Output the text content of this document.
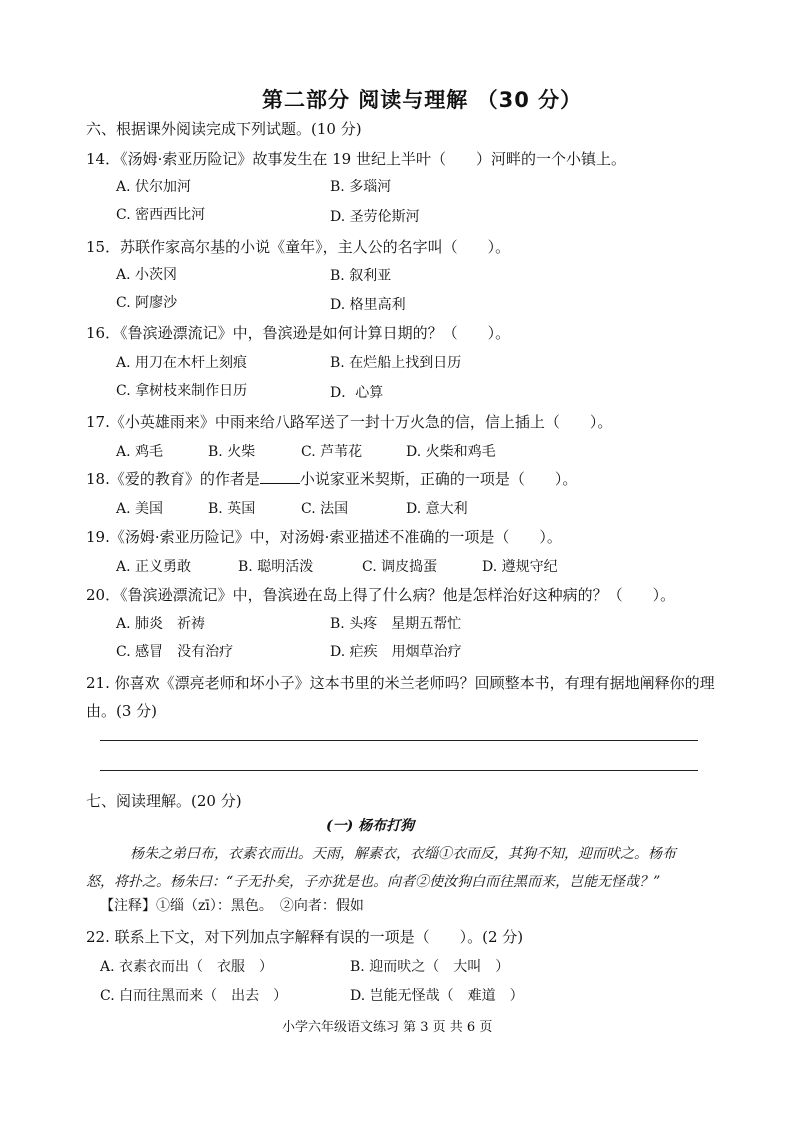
第二部分 阅读与理解 （30 分）
六、根据课外阅读完成下列试题。(10 分)
14．《汤姆·索亚历险记》故事发生在 19 世纪上半叶（　　）河畔的一个小镇上。
A. 伏尔加河	B. 多瑙河
C. 密西西比河	D. 圣劳伦斯河
15．苏联作家高尔基的小说《童年》，主人公的名字叫（　　）。
A. 小茨冈	B. 叙利亚
C. 阿廖沙	D. 格里高利
16．《鲁滨逊漂流记》中，鲁滨逊是如何计算日期的？（　　）。
A. 用刀在木杆上刻痕	B. 在烂船上找到日历
C. 拿树枝来制作日历	D．心算
17.《小英雄雨来》中雨来给八路军送了一封十万火急的信，信上插上（　　）。
A. 鸡毛	B. 火柴	C. 芦苇花	D. 火柴和鸡毛
18.《爱的教育》的作者是	小说家亚米契斯，正确的一项是（　　）。
A. 美国	B. 英国	C. 法国	D. 意大利
19.《汤姆·索亚历险记》中，对汤姆·索亚描述不准确的一项是（　　）。
A. 正义勇敢	B. 聪明活泼	C. 调皮捣蛋	D. 遵规守纪
20．《鲁滨逊漂流记》中，鲁滨逊在岛上得了什么病？他是怎样治好这种病的？（　　）。
A. 肺炎　祈祷	B. 头疼　星期五帮忙
C. 感冒　没有治疗	D. 疟疾　用烟草治疗
21. 你喜欢《漂亮老师和坏小子》这本书里的米兰老师吗？回顾整本书，有理有据地阐释你的理
由。(3 分)
七、阅读理解。(20 分)
(一) 杨布打狗
杨朱之弟曰布，衣素衣而出。天雨，解素衣，衣缁①衣而反，其狗不知，迎而吠之。杨布
怒，将扑之。杨朱曰：“子无扑矣，子亦犹是也。向者②使汝狗白而往黑而来，岂能无怪哉？”
【注释】①缁（zī）：黑色。　②向者：假如
22. 联系上下文，对下列加点字解释有误的一项是（　　）。(2 分)
A. 衣素衣而出（　衣服　）	B. 迎而吠之（　大叫　）
C. 白而往黑而来（　出去　）	D. 岂能无怪哉（　难道　）
小学六年级语文练习 第 3 页 共 6 页
